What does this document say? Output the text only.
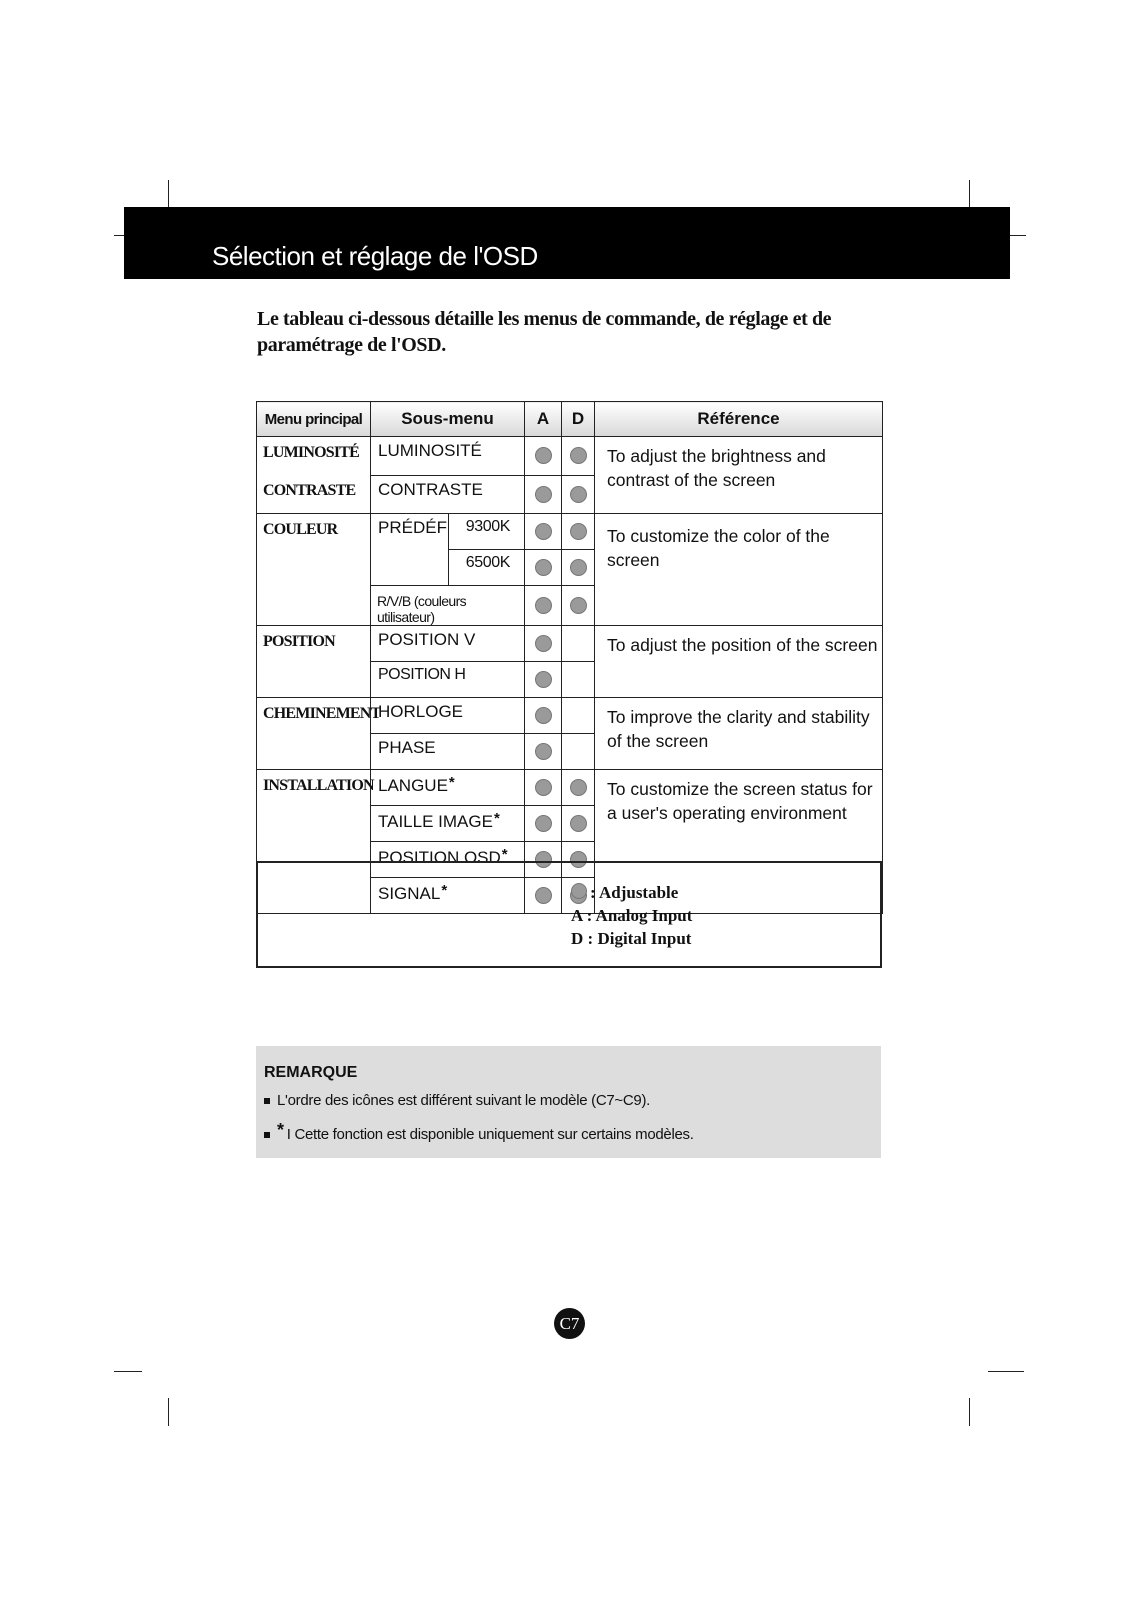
Sélection et réglage de l'OSD
Le tableau ci-dessous détaille les menus de commande, de réglage et de paramétrage de l'OSD.
Menu principal	Sous-menu		A	D	Référence
LUMINOSITÉ	LUMINOSITÉ				To adjust the brightness and contrast of the screen
CONTRASTE	CONTRASTE				
COULEUR	PRÉDÉF	9300K			To customize the color of the screen
		6500K			
	R/V/B (couleurs utilisateur)				
POSITION	POSITION V				To adjust the position of the screen
	POSITION H				
CHEMINEMENT	HORLOGE				To improve the clarity and stability of the screen
	PHASE				
INSTALLATION	LANGUE*				To customize the screen status for a user's operating environment
	TAILLE IMAGE*		
	POSITION OSD*		
	SIGNAL*			: Adjustable
A : Analog Input
D : Digital Input
REMARQUE
L'ordre des icônes est différent suivant le modèle (C7~C9).
* I Cette fonction est disponible uniquement sur certains modèles.
C7
